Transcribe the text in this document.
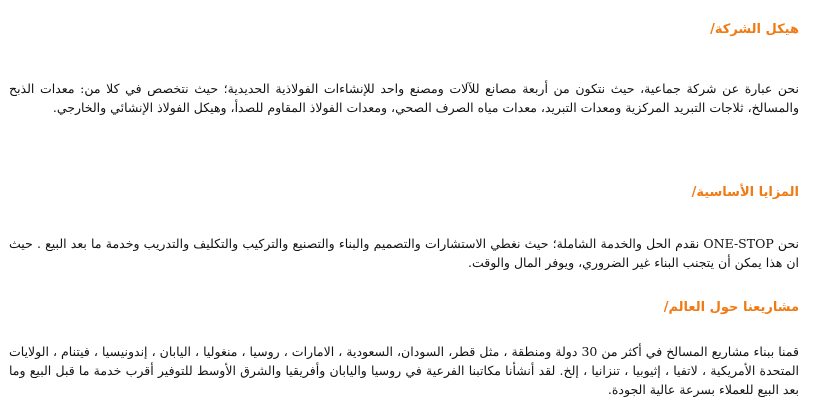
هيكل الشركة/

نحن عبارة عن شركة جماعية، حيث نتكون من أربعة مصانع للآلات ومصنع واحد للإنشاءات الفولاذية الحديدية؛ حيث نتخصص في كلا من: معدات الذبح والمسالخ، ثلاجات التبريد المركزية ومعدات التبريد، معدات مياه الصرف الصحي، ومعدات الفولاذ المقاوم للصدأ، وهيكل الفولاذ الإنشائي والخارجي.

المزايا الأساسية/

نحن ONE-STOP نقدم الحل والخدمة الشاملة؛ حيث نغطي الاستشارات والتصميم والبناء والتصنيع والتركيب والتكليف والتدريب وخدمة ما بعد البيع . حيث ان هذا يمكن أن يتجنب البناء غير الضروري، ويوفر المال والوقت.

مشاريعنا حول العالم/

قمنا ببناء مشاريع المسالخ في أكثر من 30 دولة ومنطقة ، مثل قطر، السودان، السعودية ، الامارات ، روسيا ، منغوليا ، اليابان ، إندونيسيا ، فيتنام ، الولايات المتحدة الأمريكية ، لاتفيا ، إثيوبيا ، تنزانيا ، إلخ. لقد أنشأنا مكاتبنا الفرعية في روسيا واليابان وأفريقيا والشرق الأوسط للتوفير أقرب خدمة ما قبل البيع وما بعد البيع للعملاء بسرعة عالية الجودة.
